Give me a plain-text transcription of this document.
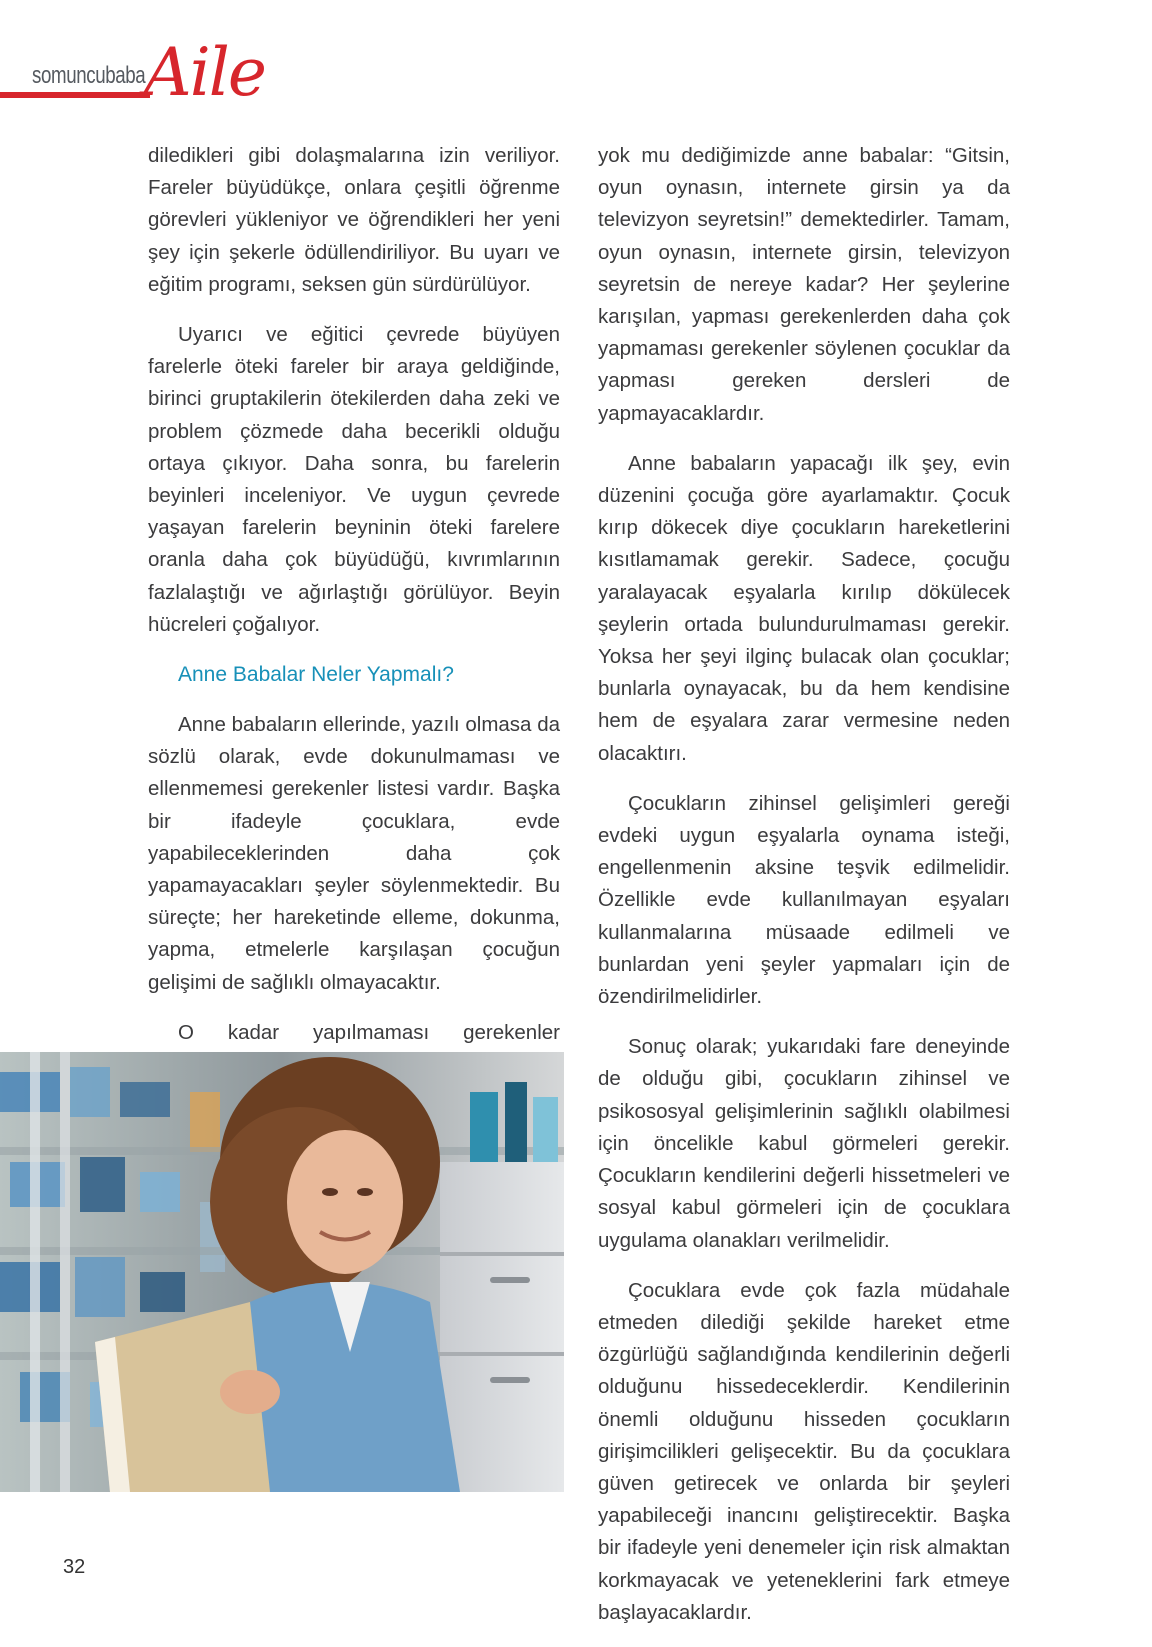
somuncubaba
Aile

diledikleri gibi dolaşmalarına izin veriliyor. Fareler büyüdükçe, onlara çeşitli öğrenme görevleri yükleniyor ve öğrendikleri her yeni şey için şekerle ödüllendiriliyor. Bu uyarı ve eğitim programı, seksen gün sürdürülüyor.

Uyarıcı ve eğitici çevrede büyüyen farelerle öteki fareler bir araya geldiğinde, birinci gruptakilerin ötekilerden daha zeki ve problem çözmede daha becerikli olduğu ortaya çıkıyor. Daha sonra, bu farelerin beyinleri inceleniyor. Ve uygun çevrede yaşayan farelerin beyninin öteki farelere oranla daha çok büyüdüğü, kıvrımlarının fazlalaştığı ve ağırlaştığı görülüyor. Beyin hücreleri çoğalıyor.

Anne Babalar Neler Yapmalı?

Anne babaların ellerinde, yazılı olmasa da sözlü olarak, evde dokunulmaması ve ellenmemesi gerekenler listesi vardır. Başka bir ifadeyle çocuklara, evde yapabileceklerinden daha çok yapamayacakları şeyler söylenmektedir. Bu süreçte; her hareketinde elleme, dokunma, yapma, etmelerle karşılaşan çocuğun gelişimi de sağlıklı olmayacaktır.

O kadar yapılmaması gerekenler

yok mu dediğimizde anne babalar: “Gitsin, oyun oynasın, internete girsin ya da televizyon seyretsin!” demektedirler. Tamam, oyun oynasın, internete girsin, televizyon seyretsin de nereye kadar? Her şeylerine karışılan, yapması gerekenlerden daha çok yapmaması gerekenler söylenen çocuklar da yapması gereken dersleri de yapmayacaklardır.

Anne babaların yapacağı ilk şey, evin düzenini çocuğa göre ayarlamaktır. Çocuk kırıp dökecek diye çocukların hareketlerini kısıtlamamak gerekir. Sadece, çocuğu yaralayacak eşyalarla kırılıp dökülecek şeylerin ortada bulundurulmaması gerekir. Yoksa her şeyi ilginç bulacak olan çocuklar; bunlarla oynayacak, bu da hem kendisine hem de eşyalara zarar vermesine neden olacaktırı.

Çocukların zihinsel gelişimleri gereği evdeki uygun eşyalarla oynama isteği, engellenmenin aksine teşvik edilmelidir. Özellikle evde kullanılmayan eşyaları kullanmalarına müsaade edilmeli ve bunlardan yeni şeyler yapmaları için de özendirilmelidirler.

Sonuç olarak; yukarıdaki fare deneyinde de olduğu gibi, çocukların zihinsel ve psikososyal gelişimlerinin sağlıklı olabilmesi için öncelikle kabul görmeleri gerekir. Çocukların kendilerini değerli hissetmeleri ve sosyal kabul görmeleri için de çocuklara uygulama olanakları verilmelidir.

Çocuklara evde çok fazla müdahale etmeden dilediği şekilde hareket etme özgürlüğü sağlandığında kendilerinin değerli olduğunu hissedeceklerdir. Kendilerinin önemli olduğunu hisseden çocukların girişimcilikleri gelişecektir. Bu da çocuklara güven getirecek ve onlarda bir şeyleri yapabileceği inancını geliştirecektir. Başka bir ifadeyle yeni denemeler için risk almaktan korkmayacak ve yeteneklerini fark etmeye başlayacaklardır.

32
